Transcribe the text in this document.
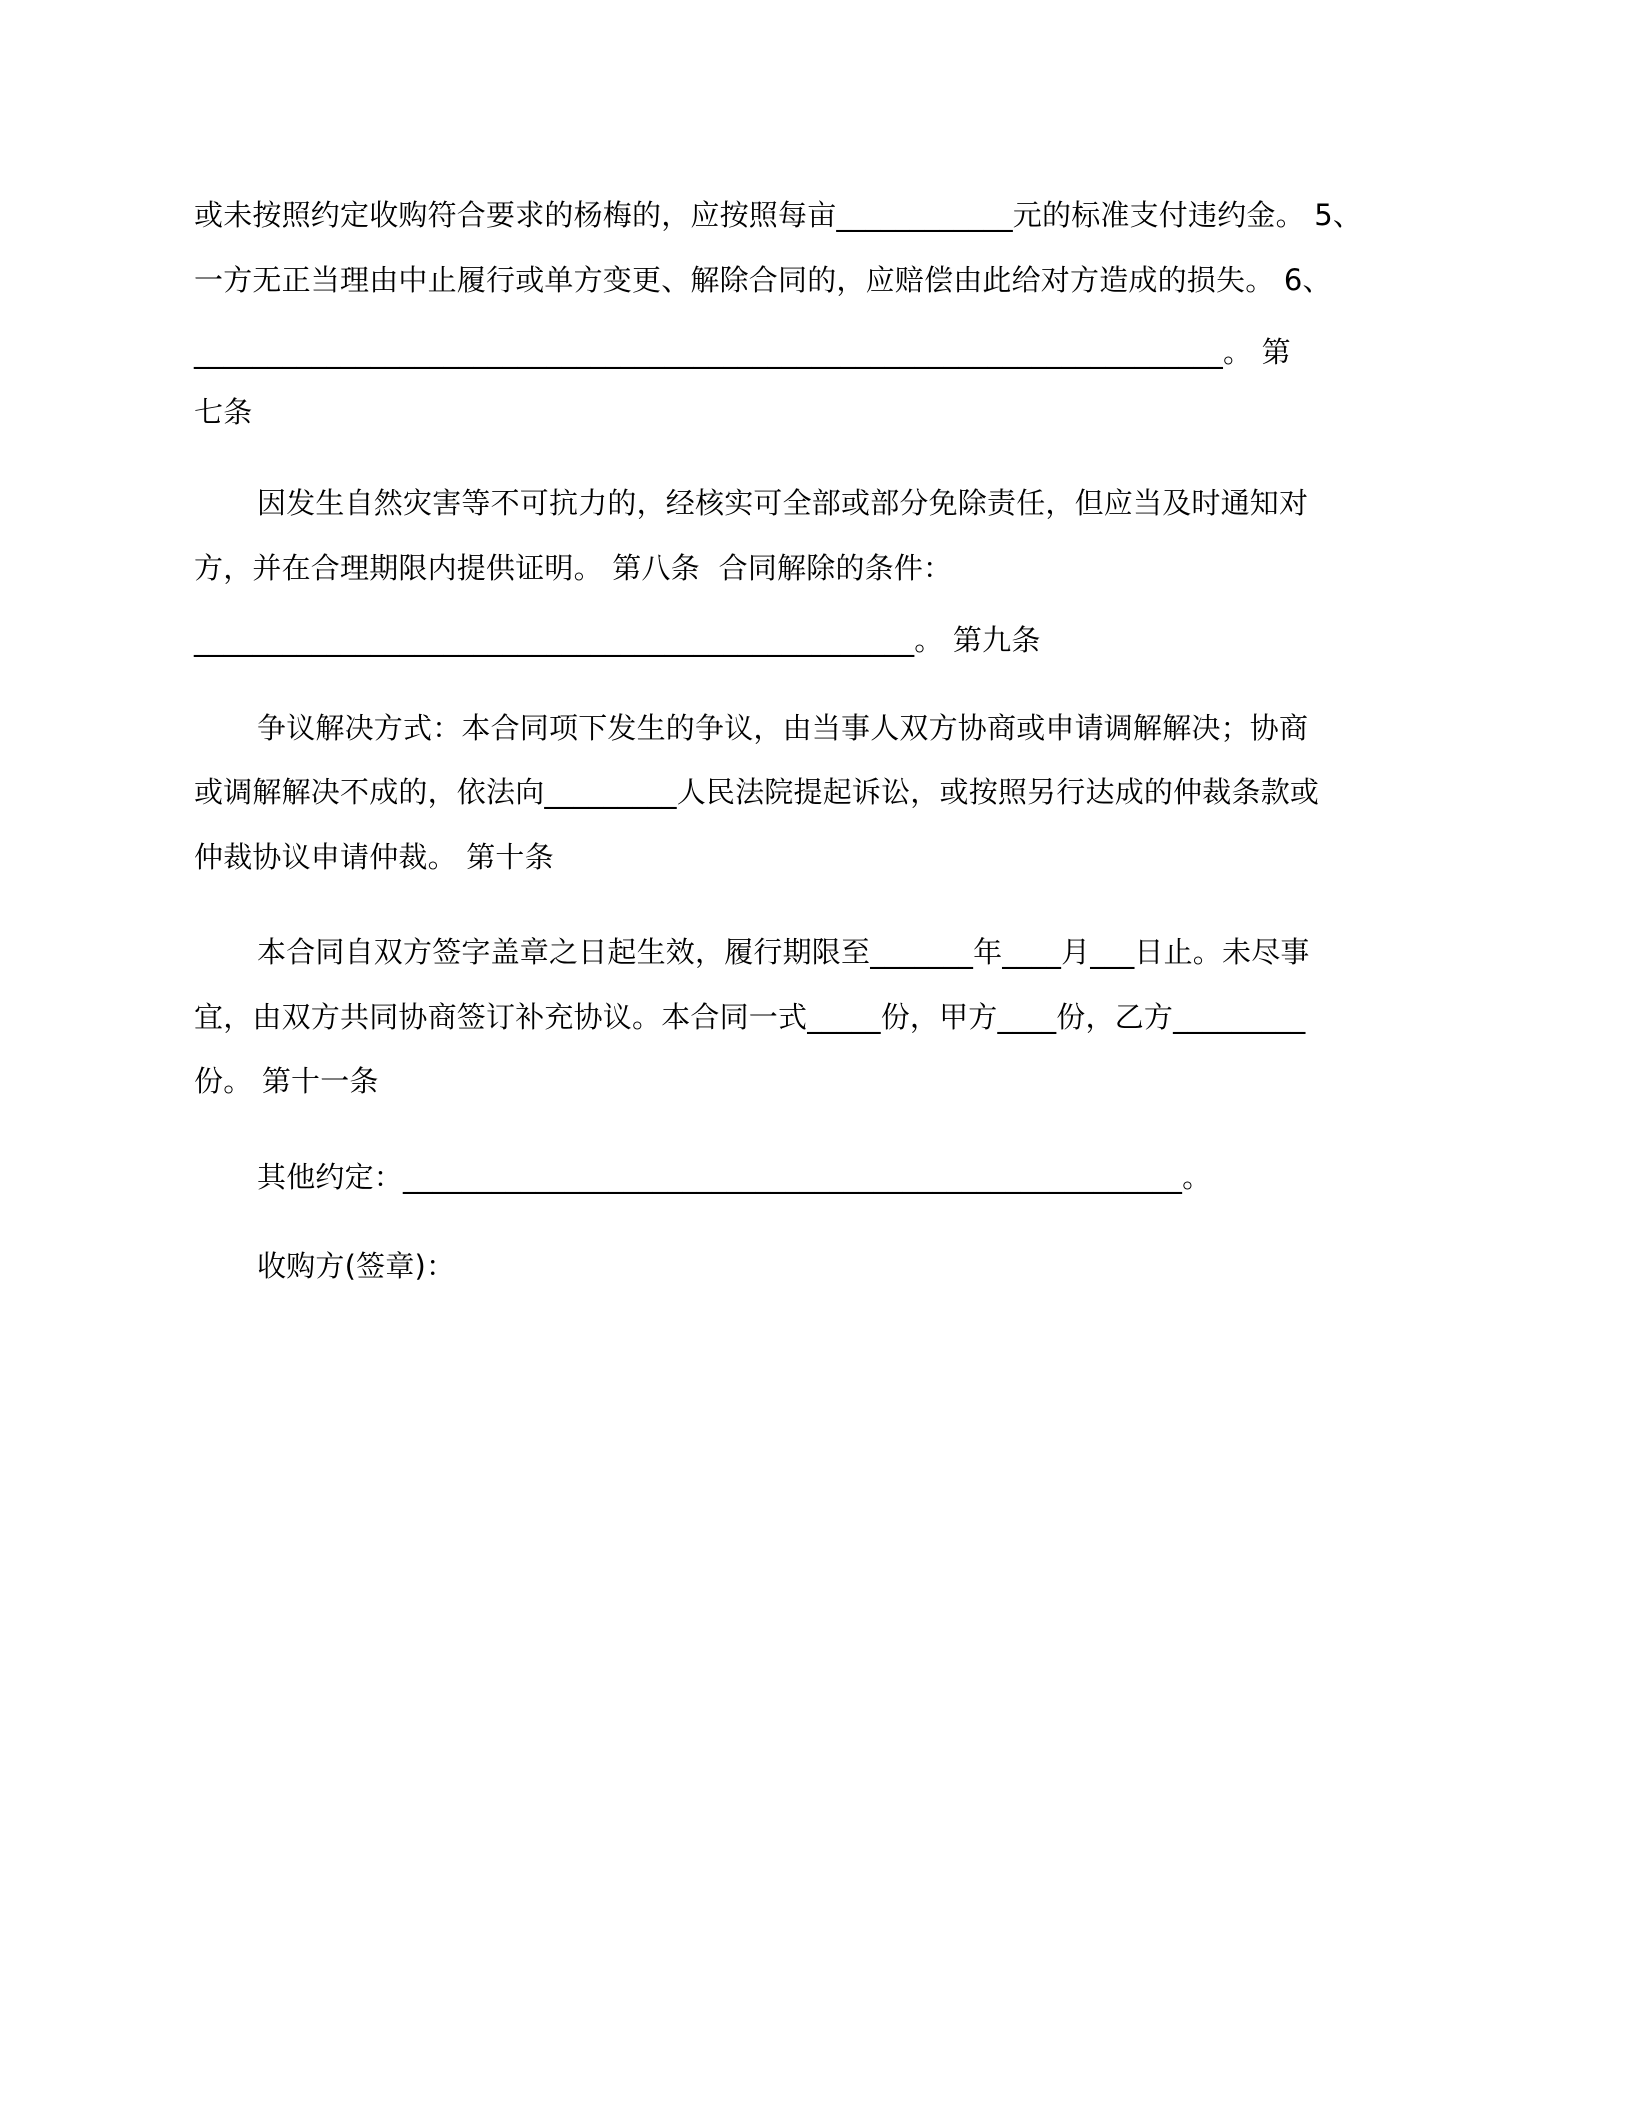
或未按照约定收购符合要求的杨梅的，应按照每亩____________元的标准支付违约金。 5、
一方无正当理由中止履行或单方变更、解除合同的，应赔偿由此给对方造成的损失。 6、
______________________________________________________________________。 第
七条
因发生自然灾害等不可抗力的，经核实可全部或部分免除责任，但应当及时通知对
方，并在合理期限内提供证明。 第八条  合同解除的条件：
_________________________________________________。 第九条
争议解决方式：本合同项下发生的争议，由当事人双方协商或申请调解解决；协商
或调解解决不成的，依法向_________人民法院提起诉讼，或按照另行达成的仲裁条款或
仲裁协议申请仲裁。 第十条
本合同自双方签字盖章之日起生效，履行期限至_______年____月___日止。未尽事
宜，由双方共同协商签订补充协议。本合同一式_____份，甲方____份，乙方_________
份。 第十一条
其他约定：_____________________________________________________。
收购方(签章)：
